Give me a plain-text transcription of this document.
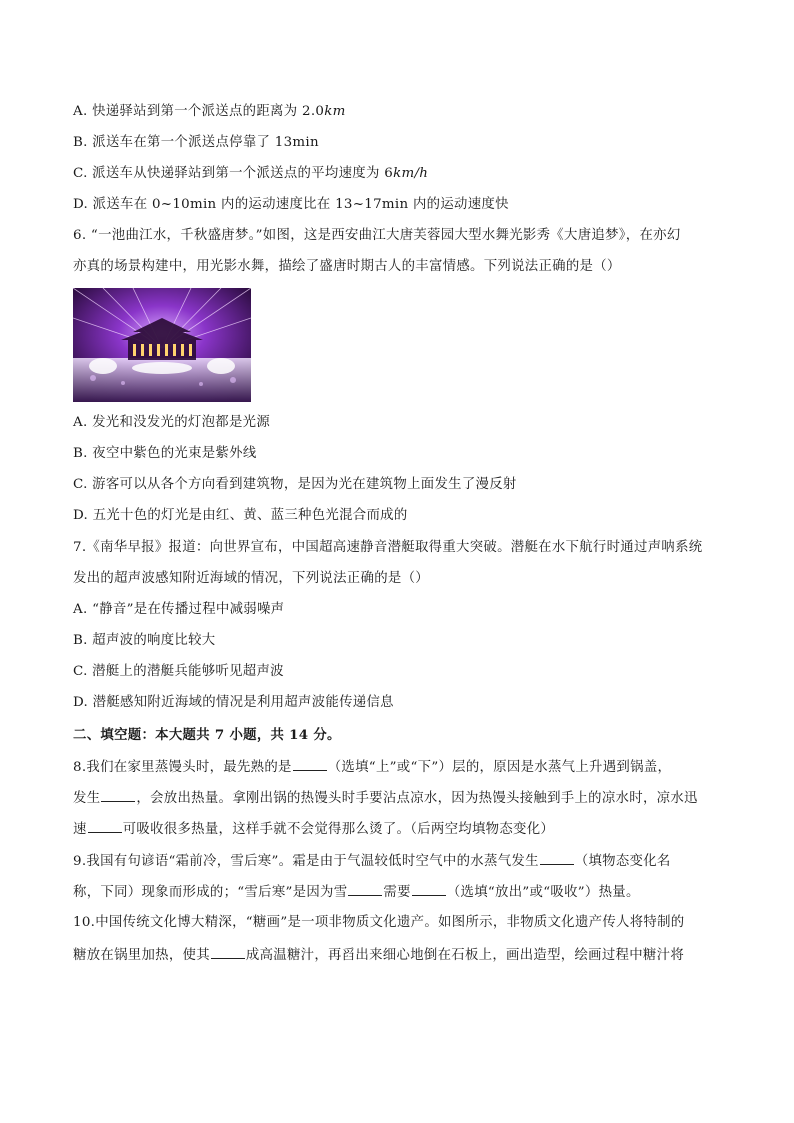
A. 快递驿站到第一个派送点的距离为 2.0km
B. 派送车在第一个派送点停靠了 13min
C. 派送车从快递驿站到第一个派送点的平均速度为 6km/h
D. 派送车在 0~10min 内的运动速度比在 13~17min 内的运动速度快
6. “一池曲江水，千秋盛唐梦。”如图，这是西安曲江大唐芙蓉园大型水舞光影秀《大唐追梦》，在亦幻
亦真的场景构建中，用光影水舞，描绘了盛唐时期古人的丰富情感。下列说法正确的是（）
A. 发光和没发光的灯泡都是光源
B. 夜空中紫色的光束是紫外线
C. 游客可以从各个方向看到建筑物，是因为光在建筑物上面发生了漫反射
D. 五光十色的灯光是由红、黄、蓝三种色光混合而成的
7.《南华早报》报道：向世界宣布，中国超高速静音潜艇取得重大突破。潜艇在水下航行时通过声呐系统
发出的超声波感知附近海域的情况，下列说法正确的是（）
A. “静音”是在传播过程中减弱噪声
B. 超声波的响度比较大
C. 潜艇上的潜艇兵能够听见超声波
D. 潜艇感知附近海域的情况是利用超声波能传递信息
二、填空题：本大题共 7 小题，共 14 分。
8.我们在家里蒸馒头时，最先熟的是	（选填“上”或“下”）层的，原因是水蒸气上升遇到锅盖，
发生	，会放出热量。拿刚出锅的热馒头时手要沾点凉水，因为热馒头接触到手上的凉水时，凉水迅
速	可吸收很多热量，这样手就不会觉得那么烫了。（后两空均填物态变化）
9.我国有句谚语“霜前冷，雪后寒”。霜是由于气温较低时空气中的水蒸气发生	（填物态变化名
称，下同）现象而形成的；“雪后寒”是因为雪	需要	（选填“放出”或“吸收”）热量。
10.中国传统文化博大精深，“糖画”是一项非物质文化遗产。如图所示，非物质文化遗产传人将特制的
糖放在锅里加热，使其	成高温糖汁，再舀出来细心地倒在石板上，画出造型，绘画过程中糖汁将
